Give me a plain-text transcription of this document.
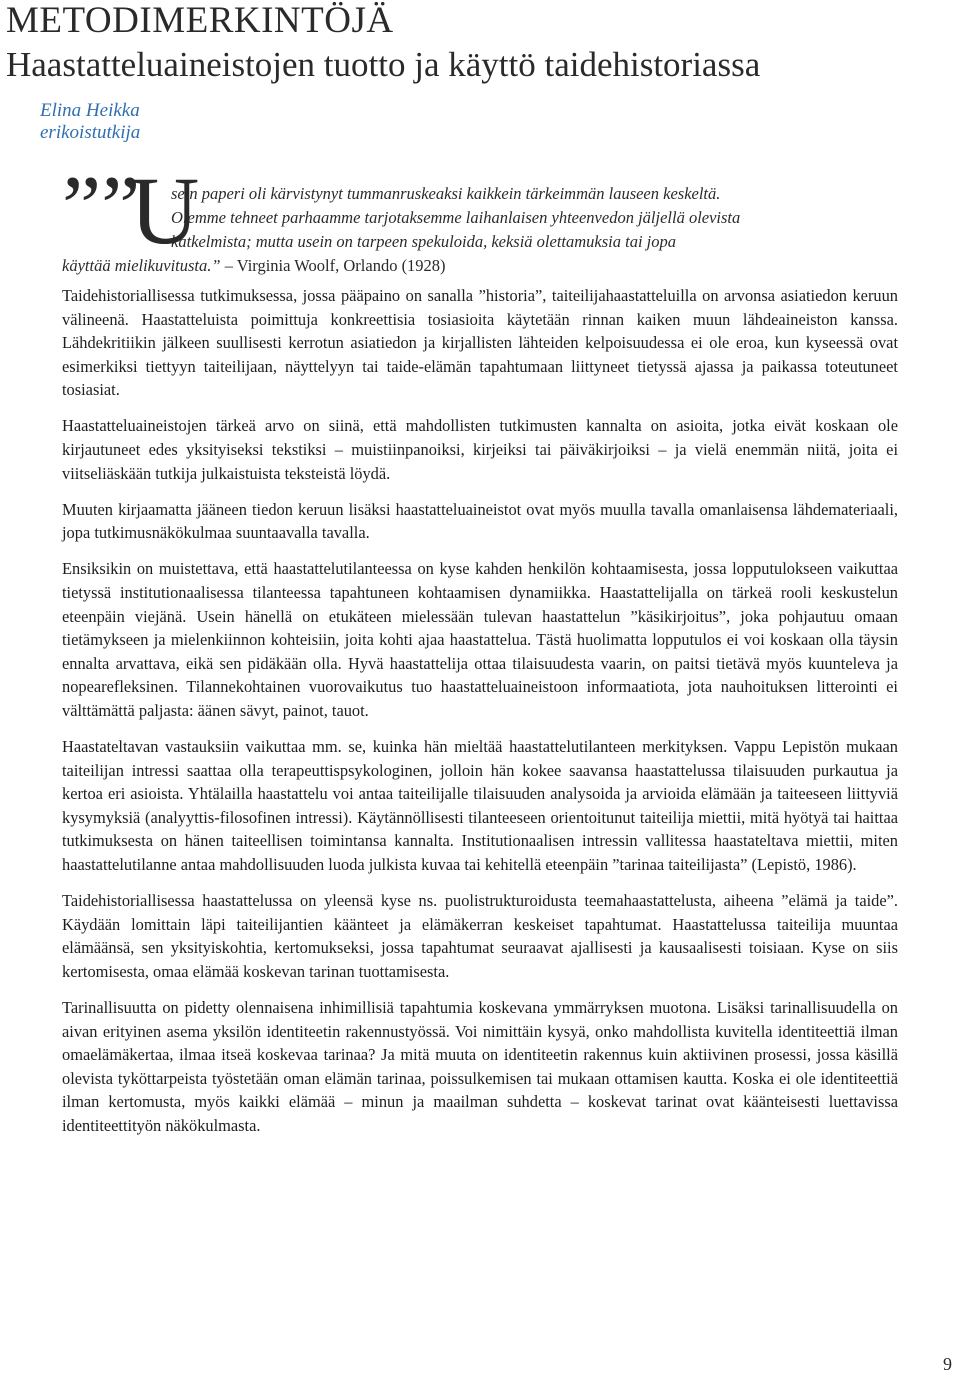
METODIMERKINTÖJÄ
Haastatteluaineistojen tuotto ja käyttö taidehistoriassa
Elina Heikka
erikoistutkija
””
U
sein paperi oli kärvistynyt tummanruskeaksi kaikkein tärkeimmän lauseen keskeltä.
Olemme tehneet parhaamme tarjotaksemme laihanlaisen yhteenvedon jäljellä olevista
katkelmista; mutta usein on tarpeen spekuloida, keksiä olettamuksia tai jopa
käyttää mielikuvitusta.” – Virginia Woolf, Orlando (1928)

Taidehistoriallisessa tutkimuksessa, jossa pääpaino on sanalla ”historia”, taiteilijahaastatteluilla on arvonsa asiatiedon keruun välineenä. Haastatteluista poimittuja konkreettisia tosiasioita käytetään rinnan kaiken muun lähdeaineiston kanssa. Lähdekritiikin jälkeen suullisesti kerrotun asiatiedon ja kirjallisten lähteiden kelpoisuudessa ei ole eroa, kun kyseessä ovat esimerkiksi tiettyyn taiteilijaan, näyttelyyn tai taide-elämän tapahtumaan liittyneet tietyssä ajassa ja paikassa toteutuneet tosiasiat.

Haastatteluaineistojen tärkeä arvo on siinä, että mahdollisten tutkimusten kannalta on asioita, jotka eivät koskaan ole kirjautuneet edes yksityiseksi tekstiksi – muistiinpanoiksi, kirjeiksi tai päiväkirjoiksi – ja vielä enemmän niitä, joita ei viitseliäskään tutkija julkaistuista teksteistä löydä.

Muuten kirjaamatta jääneen tiedon keruun lisäksi haastatteluaineistot ovat myös muulla tavalla omanlaisensa lähdemateriaali, jopa tutkimusnäkökulmaa suuntaavalla tavalla.

Ensiksikin on muistettava, että haastattelutilanteessa on kyse kahden henkilön kohtaamisesta, jossa lopputulokseen vaikuttaa tietyssä institutionaalisessa tilanteessa tapahtuneen kohtaamisen dynamiikka. Haastattelijalla on tärkeä rooli keskustelun eteenpäin viejänä. Usein hänellä on etukäteen mielessään tulevan haastattelun ”käsikirjoitus”, joka pohjautuu omaan tietämykseen ja mielenkiinnon kohteisiin, joita kohti ajaa haastattelua. Tästä huolimatta lopputulos ei voi koskaan olla täysin ennalta arvattava, eikä sen pidäkään olla. Hyvä haastattelija ottaa tilaisuudesta vaarin, on paitsi tietävä myös kuunteleva ja nopearefleksinen. Tilannekohtainen vuorovaikutus tuo haastatteluaineistoon informaatiota, jota nauhoituksen litterointi ei välttämättä paljasta: äänen sävyt, painot, tauot.

Haastateltavan vastauksiin vaikuttaa mm. se, kuinka hän mieltää haastattelutilanteen merkityksen. Vappu Lepistön mukaan taiteilijan intressi saattaa olla terapeuttispsykologinen, jolloin hän kokee saavansa haastattelussa tilaisuuden purkautua ja kertoa eri asioista. Yhtälailla haastattelu voi antaa taiteilijalle tilaisuuden analysoida ja arvioida elämään ja taiteeseen liittyviä kysymyksiä (analyyttis-filosofinen intressi). Käytännöllisesti tilanteeseen orientoitunut taiteilija miettii, mitä hyötyä tai haittaa tutkimuksesta on hänen taiteellisen toimintansa kannalta. Institutionaalisen intressin vallitessa haastateltava miettii, miten haastattelutilanne antaa mahdollisuuden luoda julkista kuvaa tai kehitellä eteenpäin ”tarinaa taiteilijasta” (Lepistö, 1986).

Taidehistoriallisessa haastattelussa on yleensä kyse ns. puolistrukturoidusta teemahaastattelusta, aiheena ”elämä ja taide”. Käydään lomittain läpi taiteilijantien käänteet ja elämäkerran keskeiset tapahtumat. Haastattelussa taiteilija muuntaa elämäänsä, sen yksityiskohtia, kertomukseksi, jossa tapahtumat seuraavat ajallisesti ja kausaalisesti toisiaan. Kyse on siis kertomisesta, omaa elämää koskevan tarinan tuottamisesta.

Tarinallisuutta on pidetty olennaisena inhimillisiä tapahtumia koskevana ymmärryksen muotona. Lisäksi tarinallisuudella on aivan erityinen asema yksilön identiteetin rakennustyössä. Voi nimittäin kysyä, onko mahdollista kuvitella identiteettiä ilman omaelämäkertaa, ilmaa itseä koskevaa tarinaa? Ja mitä muuta on identiteetin rakennus kuin aktiivinen prosessi, jossa käsillä olevista tyköttarpeista työstetään oman elämän tarinaa, poissulkemisen tai mukaan ottamisen kautta. Koska ei ole identiteettiä ilman kertomusta, myös kaikki elämää – minun ja maailman suhdetta – koskevat tarinat ovat käänteisesti luettavissa identiteettityön näkökulmasta.

9
